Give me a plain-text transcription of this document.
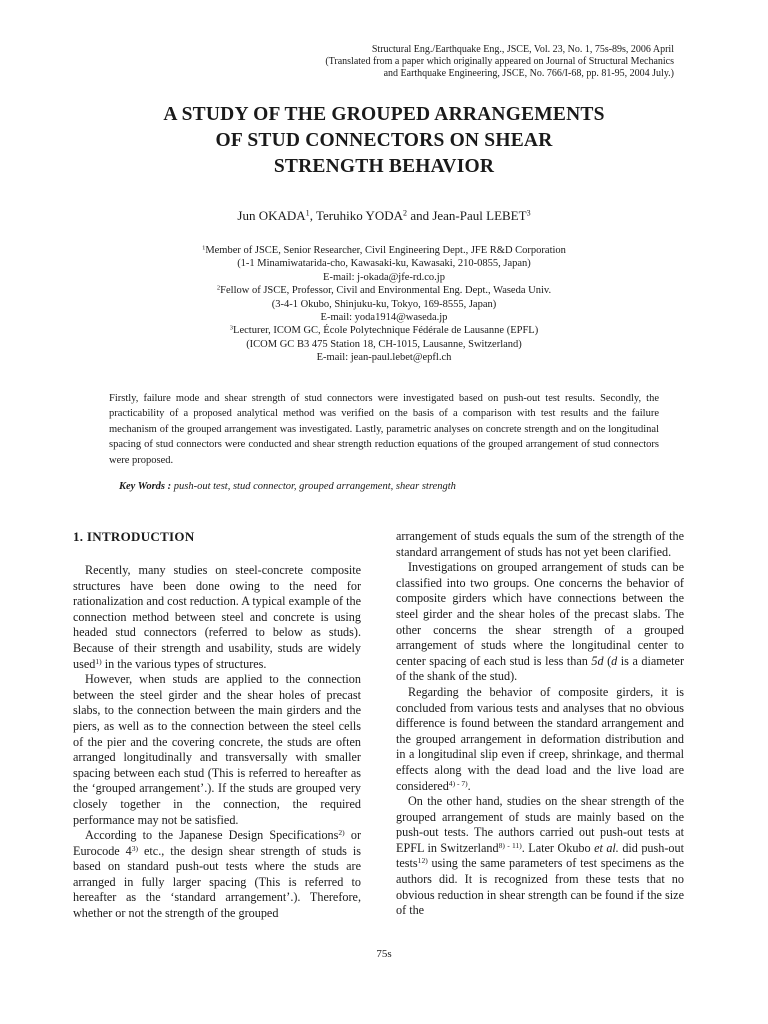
Structural Eng./Earthquake Eng., JSCE, Vol. 23, No. 1, 75s-89s, 2006 April
(Translated from a paper which originally appeared on Journal of Structural Mechanics
and Earthquake Engineering, JSCE, No. 766/I-68, pp. 81-95, 2004 July.)
A STUDY OF THE GROUPED ARRANGEMENTS
OF STUD CONNECTORS ON SHEAR
STRENGTH BEHAVIOR
Jun OKADA$^1$, Teruhiko YODA$^2$ and Jean-Paul LEBET$^3$
$^1$Member of JSCE, Senior Researcher, Civil Engineering Dept., JFE R&D Corporation
(1-1 Minamiwatarida-cho, Kawasaki-ku, Kawasaki, 210-0855, Japan)
E-mail: j-okada@jfe-rd.co.jp
$^2$Fellow of JSCE, Professor, Civil and Environmental Eng. Dept., Waseda Univ.
(3-4-1 Okubo, Shinjuku-ku, Tokyo, 169-8555, Japan)
E-mail: yoda1914@waseda.jp
$^3$Lecturer, ICOM GC, École Polytechnique Fédérale de Lausanne (EPFL)
(ICOM GC B3 475 Station 18, CH-1015, Lausanne, Switzerland)
E-mail: jean-paul.lebet@epfl.ch
Firstly, failure mode and shear strength of stud connectors were investigated based on push-out test results. Secondly, the practicability of a proposed analytical method was verified on the basis of a comparison with test results and the failure mechanism of the grouped arrangement was investigated. Lastly, parametric analyses on concrete strength and on the longitudinal spacing of stud connectors were conducted and shear strength reduction equations of the grouped arrangement of stud connectors were proposed.
Key Words : push-out test, stud connector, grouped arrangement, shear strength
1. INTRODUCTION

Recently, many studies on steel-concrete composite structures have been done owing to the need for rationalization and cost reduction. A typical example of the connection method between steel and concrete is using headed stud connectors (referred to below as studs). Because of their strength and usability, studs are widely used$^{1)}$ in the various types of structures.

However, when studs are applied to the connection between the steel girder and the shear holes of precast slabs, to the connection between the main girders and the piers, as well as to the connection between the steel cells of the pier and the covering concrete, the studs are often arranged longitudinally and transversally with smaller spacing between each stud (This is referred to hereafter as the ‘grouped arrangement’.). If the studs are grouped very closely together in the connection, the required performance may not be satisfied.

According to the Japanese Design Specifications$^{2)}$ or Eurocode 4$^{3)}$ etc., the design shear strength of studs is based on standard push-out tests where the studs are arranged in fully larger spacing (This is referred to hereafter as the ‘standard arrangement’.). Therefore, whether or not the strength of the grouped

arrangement of studs equals the sum of the strength of the standard arrangement of studs has not yet been clarified.

Investigations on grouped arrangement of studs can be classified into two groups. One concerns the behavior of composite girders which have connections between the steel girder and the shear holes of the precast slabs. The other concerns the shear strength of a grouped arrangement of studs where the longitudinal center to center spacing of each stud is less than 5d (d is a diameter of the shank of the stud).

Regarding the behavior of composite girders, it is concluded from various tests and analyses that no obvious difference is found between the standard arrangement and the grouped arrangement in deformation distribution and in a longitudinal slip even if creep, shrinkage, and thermal effects along with the dead load and the live load are considered$^{4) - 7)}$.

On the other hand, studies on the shear strength of the grouped arrangement of studs are mainly based on the push-out tests. The authors carried out push-out tests at EPFL in Switzerland$^{8) - 11)}$. Later Okubo et al. did push-out tests$^{12)}$ using the same parameters of test specimens as the authors did. It is recognized from these tests that no obvious reduction in shear strength can be found if the size of the

75s
